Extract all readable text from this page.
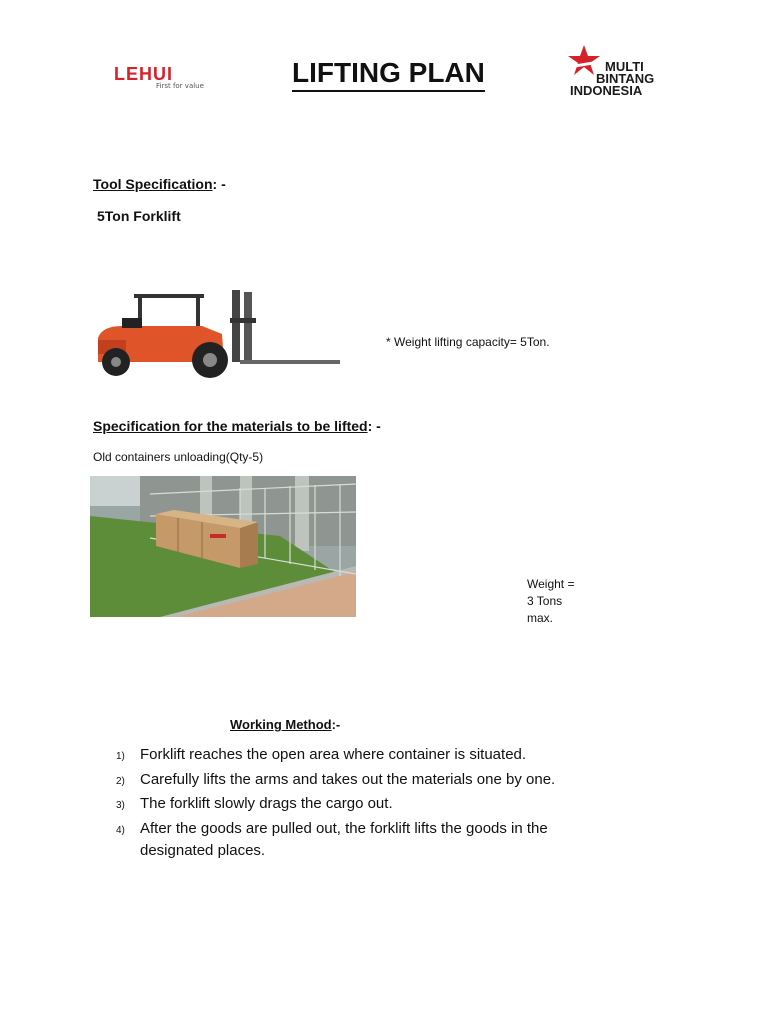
LEHUI
First for value	LIFTING PLAN	MULTI
BINTANG
INDONESIA
Tool Specification: -
5Ton Forklift
* Weight lifting capacity= 5Ton.
Specification for the materials to be lifted: -
Old containers unloading(Qty-5)
Weight =
3 Tons
max.
Working Method:-
1)	Forklift reaches the open area where container is situated.
2)	Carefully lifts the arms and takes out the materials one by one.
3)	The forklift slowly drags the cargo out.
4)	After the goods are pulled out, the forklift lifts the goods in the designated places.
